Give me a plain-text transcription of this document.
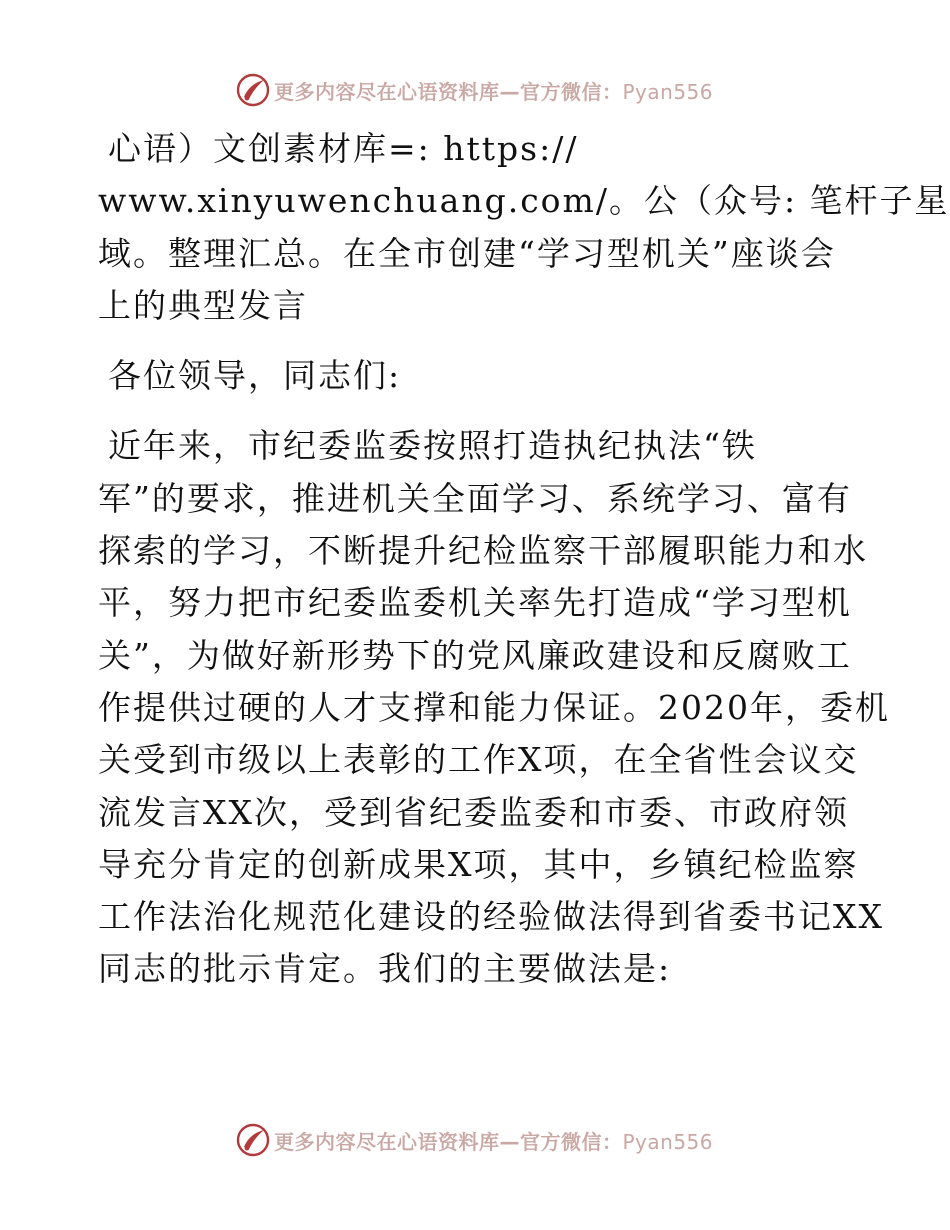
更多内容尽在心语资料库—官方微信：Pyan556
心语）文创素材库=: https://
www.xinyuwenchuang.com/。公（众号: 笔杆子星
域。整理汇总。在全市创建“学习型机关”座谈会
上的典型发言
各位领导，同志们:
近年来，市纪委监委按照打造执纪执法“铁
军”的要求，推进机关全面学习、系统学习、富有
探索的学习，不断提升纪检监察干部履职能力和水
平，努力把市纪委监委机关率先打造成“学习型机
关”，为做好新形势下的党风廉政建设和反腐败工
作提供过硬的人才支撑和能力保证。2020年，委机
关受到市级以上表彰的工作X项，在全省性会议交
流发言XX次，受到省纪委监委和市委、市政府领
导充分肯定的创新成果X项，其中，乡镇纪检监察
工作法治化规范化建设的经验做法得到省委书记XX
同志的批示肯定。我们的主要做法是:
更多内容尽在心语资料库—官方微信：Pyan556
